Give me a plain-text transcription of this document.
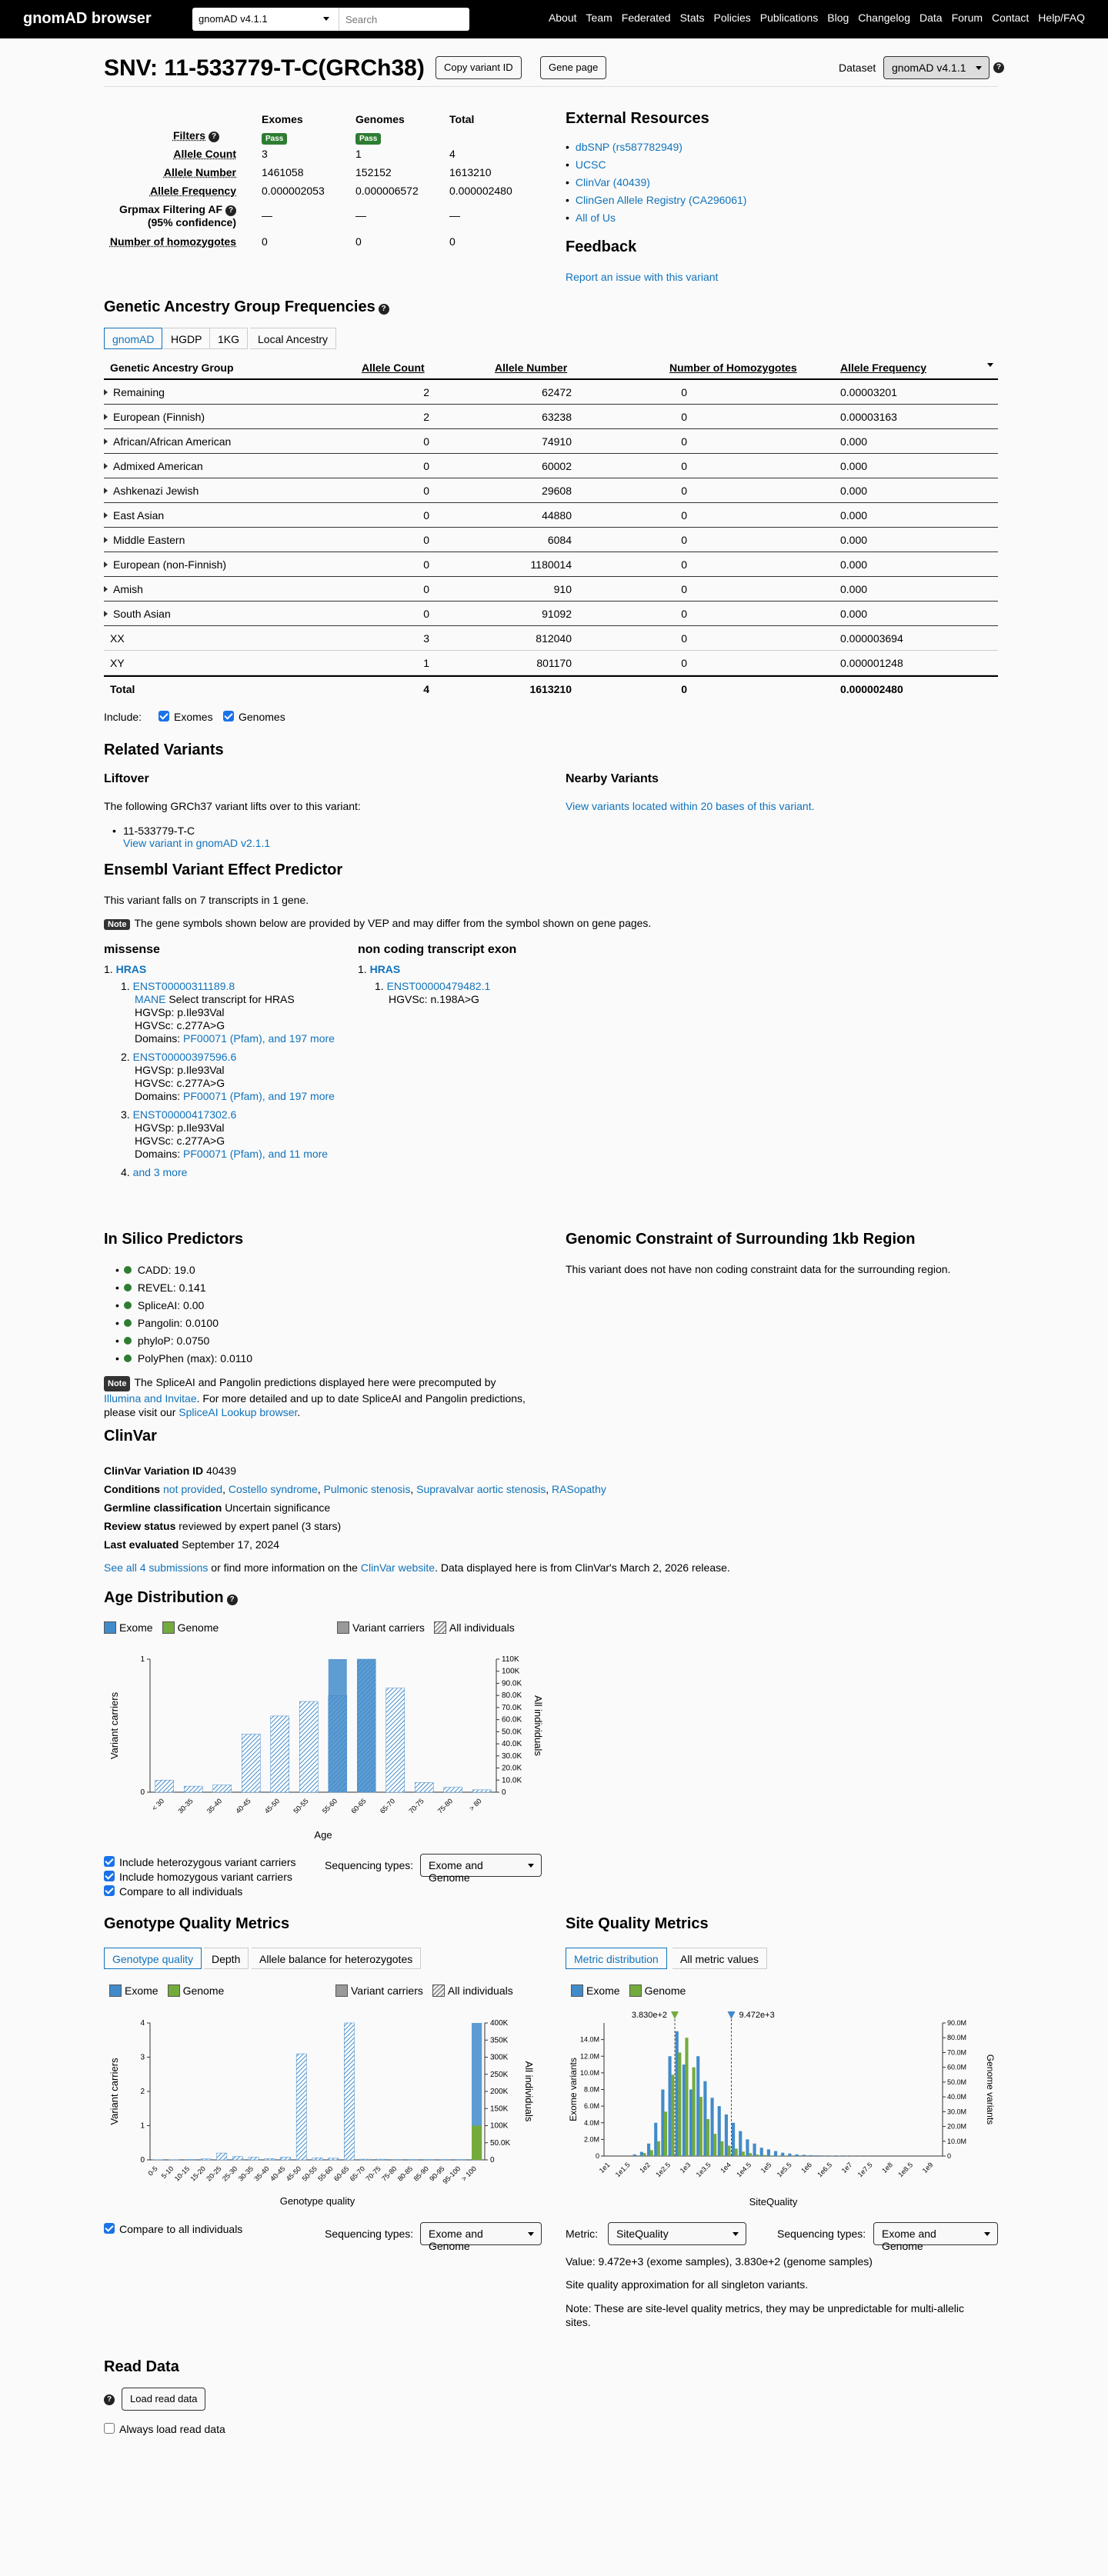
gnomAD browser	gnomAD v4.1.1
Search	About Team Federated Stats Policies Publications Blog Changelog Data Forum Contact Help/FAQ
SNV: 11-533779-T-C(GRCh38)	Copy variant ID	Gene page	Dataset	gnomAD v4.1.1	?
Exomes	Genomes	Total
Filters ?	Pass	Pass
Allele Count 3	1	4
Allele Number 1461058	152152	1613210
Allele Frequency 0.000002053	0.000006572	0.000002480
Grpmax Filtering AF ?
(95% confidence)
—	—	—
Number of homozygotes 0	0	0
External Resources
• dbSNP (rs587782949)
• UCSC
• ClinVar (40439)
• ClinGen Allele Registry (CA296061)
• All of Us
Feedback
Report an issue with this variant
Genetic Ancestry Group Frequencies ?
gnomAD	HGDP	1KG	Local Ancestry
Genetic Ancestry Group	Allele Count	Allele Number	Number of Homozygotes	Allele Frequency
Remaining	2	62472	0	0.00003201
European (Finnish)	2	63238	0	0.00003163
African/African American	0	74910	0	0.000
Admixed American	0	60002	0	0.000
Ashkenazi Jewish	0	29608	0	0.000
East Asian	0	44880	0	0.000
Middle Eastern	0	6084	0	0.000
European (non-Finnish)	0	1180014	0	0.000
Amish	0	910	0	0.000
South Asian	0	91092	0	0.000
XX	3	812040	0	0.000003694
XY	1	801170	0	0.000001248
Total	4	1613210	0	0.000002480
Include:	Exomes Genomes
Related Variants
Liftover
The following GRCh37 variant lifts over to this variant:
• 11-533779-T-C
View variant in gnomAD v2.1.1
Nearby Variants
View variants located within 20 bases of this variant.
Ensembl Variant Effect Predictor
This variant falls on 7 transcripts in 1 gene.
Note The gene symbols shown below are provided by VEP and may differ from the symbol shown on gene pages.
missense
1. HRAS
1. ENST00000311189.8
MANE Select transcript for HRAS
HGVSp: p.Ile93Val
HGVSc: c.277A>G
Domains: PF00071 (Pfam), and 197 more
2. ENST00000397596.6
HGVSp: p.Ile93Val
HGVSc: c.277A>G
Domains: PF00071 (Pfam), and 197 more
3. ENST00000417302.6
HGVSp: p.Ile93Val
HGVSc: c.277A>G
Domains: PF00071 (Pfam), and 11 more
4. and 3 more
non coding transcript exon
1. HRAS
1. ENST00000479482.1
HGVSc: n.198A>G
In Silico Predictors
• CADD: 19.0
• REVEL: 0.141
• SpliceAI: 0.00
• Pangolin: 0.0100
• phyloP: 0.0750
• PolyPhen (max): 0.0110
Note The SpliceAI and Pangolin predictions displayed here were precomputed by
Illumina and Invitae. For more detailed and up to date SpliceAI and Pangolin predictions,
please visit our SpliceAI Lookup browser.
Genomic Constraint of Surrounding 1kb Region
This variant does not have non coding constraint data for the surrounding region.
ClinVar
ClinVar Variation ID 40439
Conditions not provided, Costello syndrome, Pulmonic stenosis, Supravalvar aortic stenosis, RASopathy
Germline classification Uncertain significance
Review status reviewed by expert panel (3 stars)
Last evaluated September 17, 2024
See all 4 submissions or find more information on the ClinVar website. Data displayed here is from ClinVar's March 2, 2026 release.
Age Distribution ?
Exome Genome	Variant carriers All individuals
0
1
0
10.0K
20.0K
30.0K
40.0K
50.0K
60.0K
70.0K
80.0K
90.0K
100K
110K
< 30 30-35 35-40 40-45 45-50 50-55 55-60 60-65 65-70 70-75 75-80 > 80
Age
Variant carriers	All individuals
Include heterozygous variant carriers
Include homozygous variant carriers
Compare to all individuals
Sequencing types:	Exome and Genome
Genotype Quality Metrics
Genotype quality	Depth	Allele balance for heterozygotes
Exome Genome	Variant carriers All individuals
0
1
2
3
4
0
50.0K
100K
150K
200K
250K
300K
350K
400K
0-5 5-10
10-15
15-20
20-25
25-30
30-35
35-40
40-45
45-50
50-55
55-60
60-65
65-70
70-75
75-80
80-85
85-90
90-95
95-100
> 100
Genotype quality
Variant carriers	All individuals
Compare to all individuals	Sequencing types:	Exome and Genome
Site Quality Metrics
Metric distribution	All metric values
Exome Genome
0
2.0M
4.0M
6.0M
8.0M
10.0M
12.0M
14.0M
0
10.0M
20.0M
30.0M
40.0M
50.0M
60.0M
70.0M
80.0M
90.0M
1e1 1e1.5 1e2 1e2.5 1e3 1e3.5 1e4 1e4.5 1e5 1e5.5 1e6 1e6.5 1e7 1e7.5 1e8 1e8.5 1e9
3.830e+2	9.472e+3
SiteQuality
Exome variants	Genome variants
Metric:	SiteQuality	Sequencing types:	Exome and Genome
Value: 9.472e+3 (exome samples), 3.830e+2 (genome samples)
Site quality approximation for all singleton variants.
Note: These are site-level quality metrics, they may be unpredictable for multi-allelic sites.
Read Data
?	Load read data
Always load read data
